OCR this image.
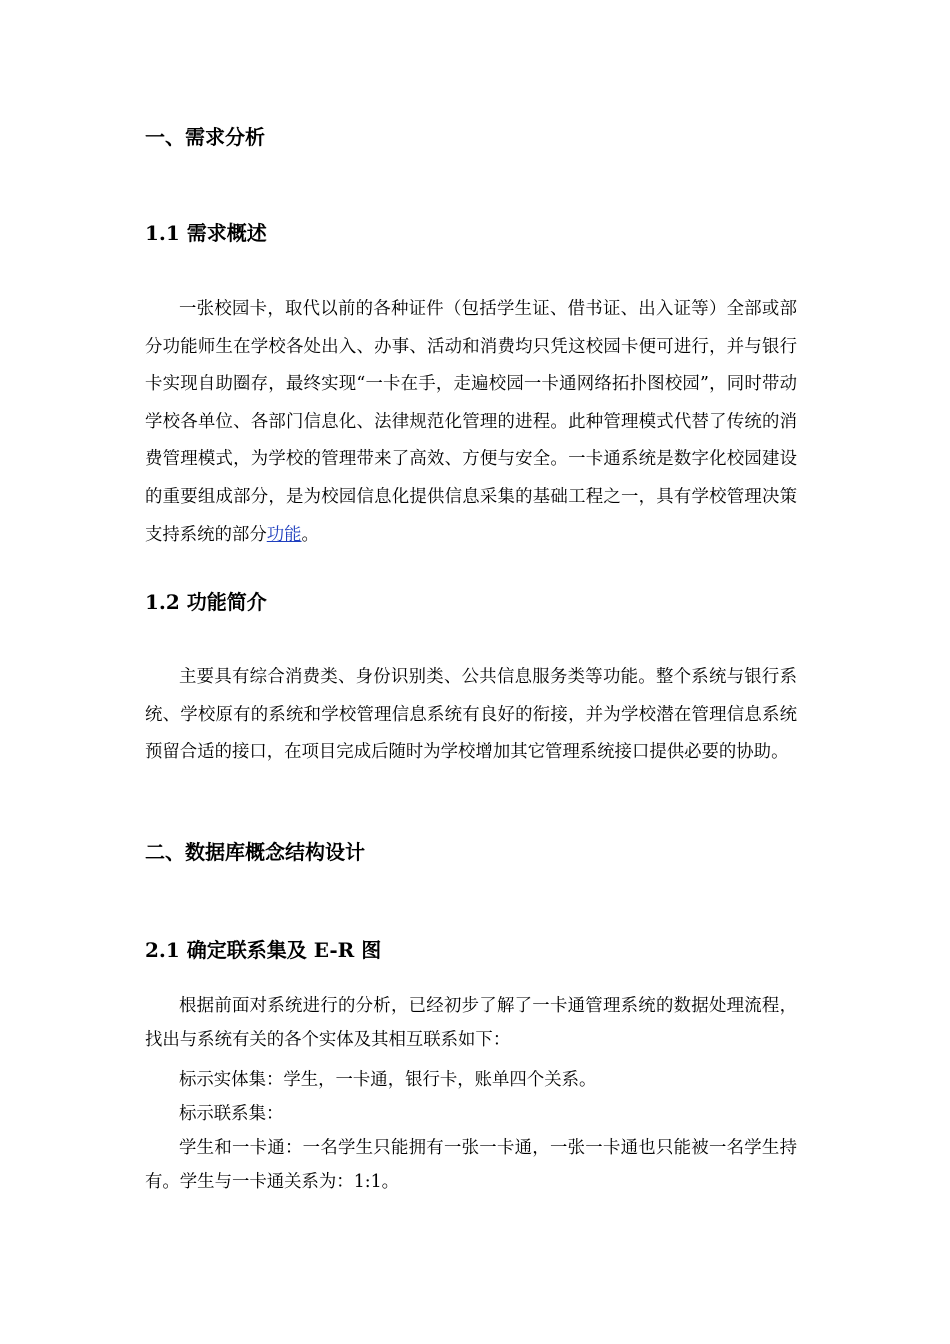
一、需求分析
1.1 需求概述

一张校园卡，取代以前的各种证件（包括学生证、借书证、出入证等）全部或部分功能师生在学校各处出入、办事、活动和消费均只凭这校园卡便可进行，并与银行卡实现自助圈存，最终实现“一卡在手，走遍校园一卡通网络拓扑图校园”，同时带动学校各单位、各部门信息化、法律规范化管理的进程。此种管理模式代替了传统的消费管理模式，为学校的管理带来了高效、方便与安全。一卡通系统是数字化校园建设的重要组成部分，是为校园信息化提供信息采集的基础工程之一，具有学校管理决策支持系统的部分功能。

1.2 功能简介

主要具有综合消费类、身份识别类、公共信息服务类等功能。整个系统与银行系统、学校原有的系统和学校管理信息系统有良好的衔接，并为学校潜在管理信息系统预留合适的接口，在项目完成后随时为学校增加其它管理系统接口提供必要的协助。

二、数据库概念结构设计
2.1 确定联系集及 E-R 图

根据前面对系统进行的分析，已经初步了解了一卡通管理系统的数据处理流程，找出与系统有关的各个实体及其相互联系如下：

标示实体集：学生，一卡通，银行卡，账单四个关系。

标示联系集：

学生和一卡通：一名学生只能拥有一张一卡通，一张一卡通也只能被一名学生持有。学生与一卡通关系为：1:1。
